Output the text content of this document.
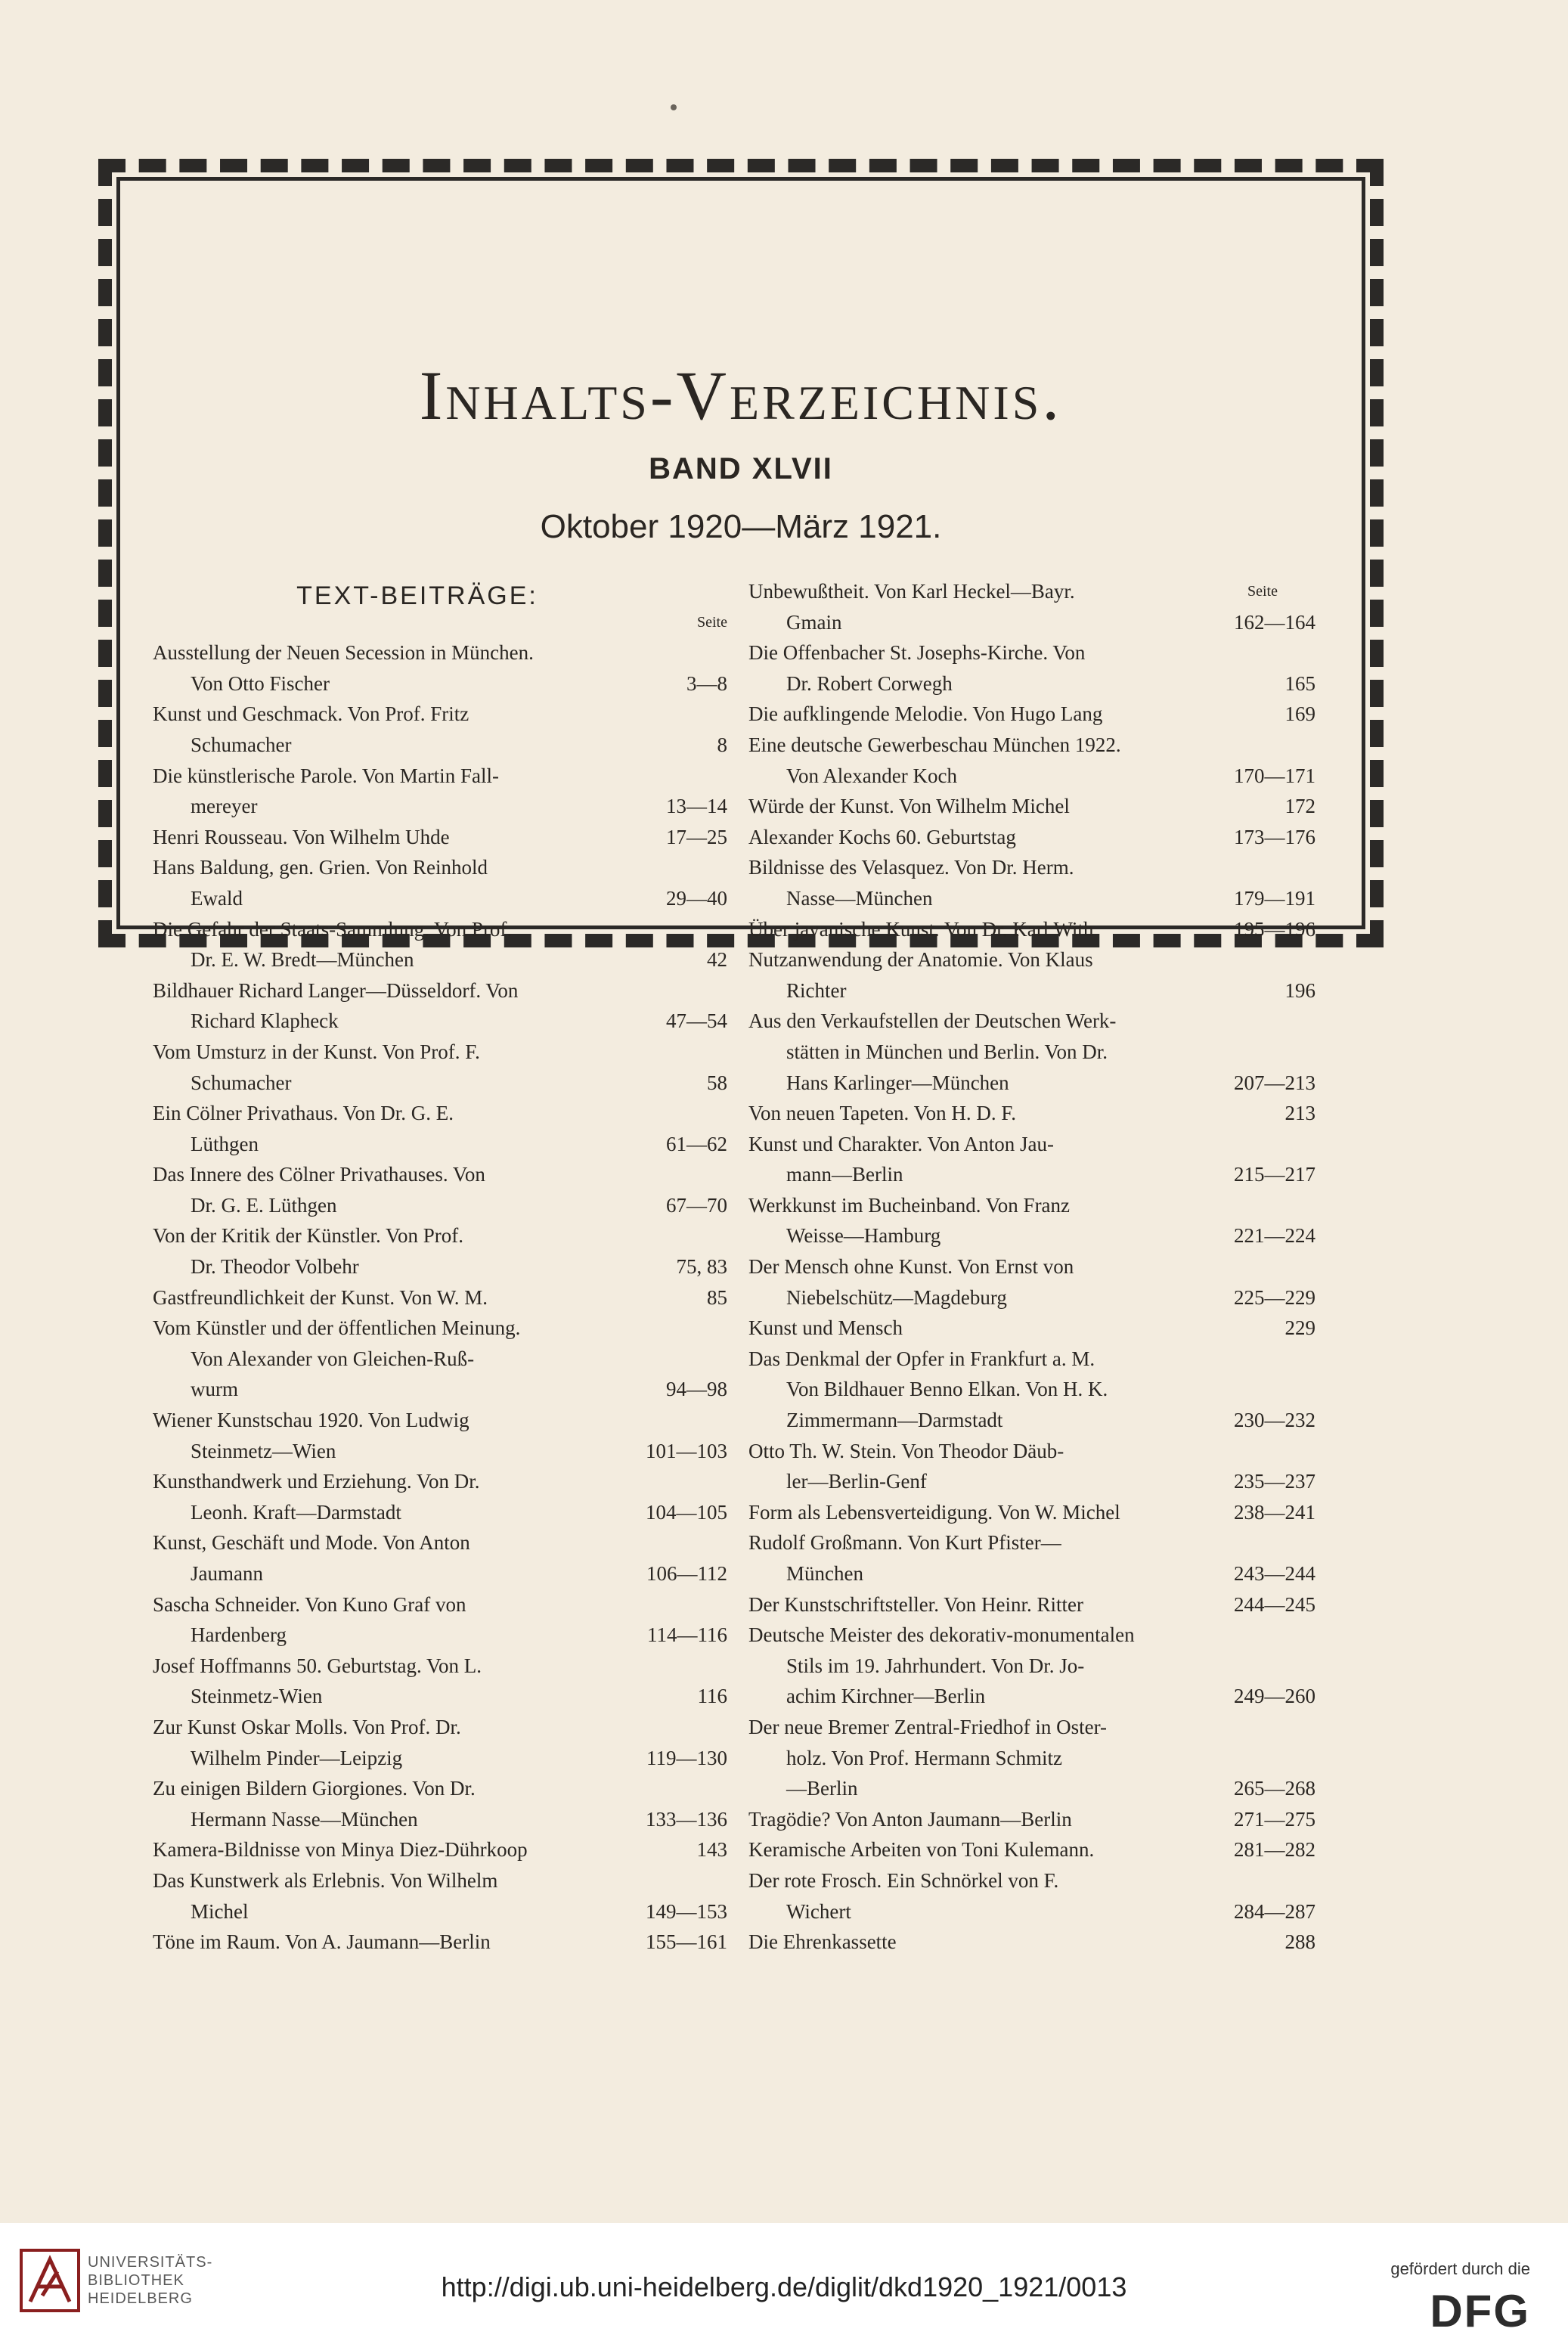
Inhalts-Verzeichnis.
BAND XLVII
Oktober 1920—März 1921.
TEXT-BEITRÄGE:
Seite
Ausstellung der Neuen Secession in München.
Von Otto Fischer	3—8
Kunst und Geschmack. Von Prof. Fritz
Schumacher	8
Die künstlerische Parole. Von Martin Fall-
mereyer	13—14
Henri Rousseau. Von Wilhelm Uhde	17—25
Hans Baldung, gen. Grien. Von Reinhold
Ewald	29—40
Die Gefahr der Staats-Sammlung. Von Prof.
Dr. E. W. Bredt—München	42
Bildhauer Richard Langer—Düsseldorf. Von
Richard Klapheck	47—54
Vom Umsturz in der Kunst. Von Prof. F.
Schumacher	58
Ein Cölner Privathaus. Von Dr. G. E.
Lüthgen	61—62
Das Innere des Cölner Privathauses. Von
Dr. G. E. Lüthgen	67—70
Von der Kritik der Künstler. Von Prof.
Dr. Theodor Volbehr	75, 83
Gastfreundlichkeit der Kunst. Von W. M.	85
Vom Künstler und der öffentlichen Meinung.
Von Alexander von Gleichen-Ruß-
wurm	94—98
Wiener Kunstschau 1920. Von Ludwig
Steinmetz—Wien	101—103
Kunsthandwerk und Erziehung. Von Dr.
Leonh. Kraft—Darmstadt	104—105
Kunst, Geschäft und Mode. Von Anton
Jaumann	106—112
Sascha Schneider. Von Kuno Graf von
Hardenberg	114—116
Josef Hoffmanns 50. Geburtstag. Von L.
Steinmetz-Wien	116
Zur Kunst Oskar Molls. Von Prof. Dr.
Wilhelm Pinder—Leipzig	119—130
Zu einigen Bildern Giorgiones. Von Dr.
Hermann Nasse—München	133—136
Kamera-Bildnisse von Minya Diez-Dührkoop	143
Das Kunstwerk als Erlebnis. Von Wilhelm
Michel	149—153
Töne im Raum. Von A. Jaumann—Berlin	155—161
Seite
Unbewußtheit. Von Karl Heckel—Bayr.
Gmain	162—164
Die Offenbacher St. Josephs-Kirche. Von
Dr. Robert Corwegh	165
Die aufklingende Melodie. Von Hugo Lang	169
Eine deutsche Gewerbeschau München 1922.
Von Alexander Koch	170—171
Würde der Kunst. Von Wilhelm Michel	172
Alexander Kochs 60. Geburtstag	173—176
Bildnisse des Velasquez. Von Dr. Herm.
Nasse—München	179—191
Über javanische Kunst. Von Dr. Karl With	195—196
Nutzanwendung der Anatomie. Von Klaus
Richter	196
Aus den Verkaufstellen der Deutschen Werk-
stätten in München und Berlin. Von Dr.
Hans Karlinger—München	207—213
Von neuen Tapeten. Von H. D. F.	213
Kunst und Charakter. Von Anton Jau-
mann—Berlin	215—217
Werkkunst im Bucheinband. Von Franz
Weisse—Hamburg	221—224
Der Mensch ohne Kunst. Von Ernst von
Niebelschütz—Magdeburg	225—229
Kunst und Mensch	229
Das Denkmal der Opfer in Frankfurt a. M.
Von Bildhauer Benno Elkan. Von H. K.
Zimmermann—Darmstadt	230—232
Otto Th. W. Stein. Von Theodor Däub-
ler—Berlin-Genf	235—237
Form als Lebensverteidigung. Von W. Michel	238—241
Rudolf Großmann. Von Kurt Pfister—
München	243—244
Der Kunstschriftsteller. Von Heinr. Ritter	244—245
Deutsche Meister des dekorativ-monumentalen
Stils im 19. Jahrhundert. Von Dr. Jo-
achim Kirchner—Berlin	249—260
Der neue Bremer Zentral-Friedhof in Oster-
holz. Von Prof. Hermann Schmitz
—Berlin	265—268
Tragödie? Von Anton Jaumann—Berlin	271—275
Keramische Arbeiten von Toni Kulemann.	281—282
Der rote Frosch. Ein Schnörkel von F.
Wichert	284—287
Die Ehrenkassette	288
UNIVERSITÄTS-
BIBLIOTHEK
HEIDELBERG	http://digi.ub.uni-heidelberg.de/diglit/dkd1920_1921/0013
gefördert durch die
DFG
